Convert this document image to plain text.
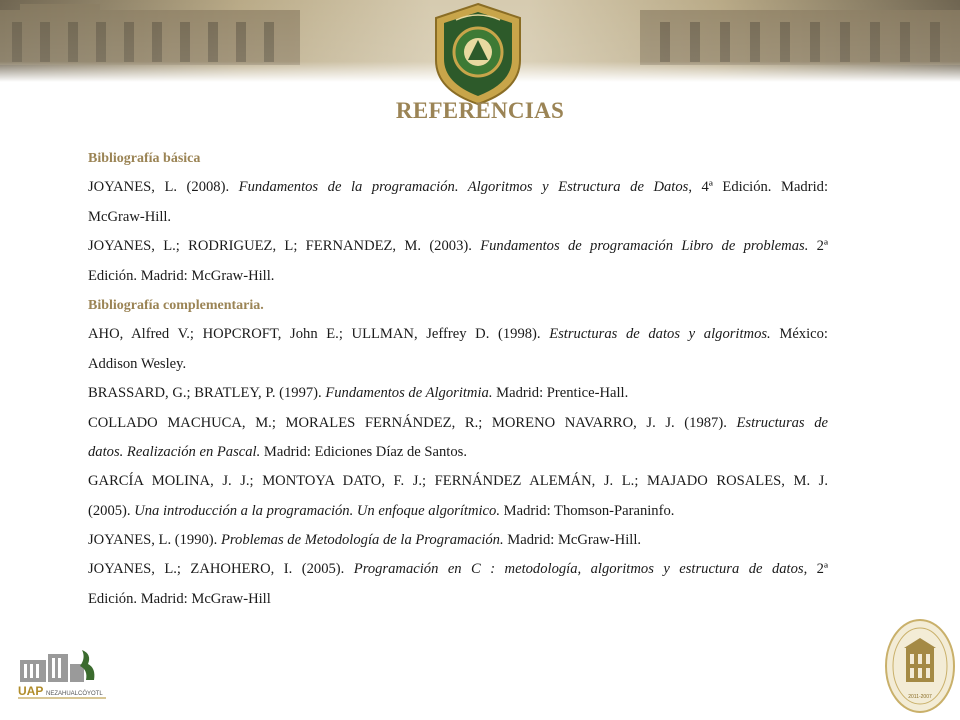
REFERENCIAS
Bibliografía básica
JOYANES, L. (2008). Fundamentos de la programación. Algoritmos y Estructura de Datos, 4ª Edición. Madrid:
McGraw-Hill.
JOYANES, L.; RODRIGUEZ, L; FERNANDEZ, M. (2003). Fundamentos de programación Libro de problemas. 2ª
Edición. Madrid: McGraw-Hill.
Bibliografía complementaria.
AHO, Alfred V.; HOPCROFT, John E.; ULLMAN, Jeffrey D. (1998). Estructuras de datos y algoritmos. México:
Addison Wesley.
BRASSARD, G.; BRATLEY, P. (1997). Fundamentos de Algoritmia. Madrid: Prentice-Hall.
COLLADO MACHUCA, M.; MORALES FERNÁNDEZ, R.; MORENO NAVARRO, J. J. (1987). Estructuras de
datos. Realización en Pascal. Madrid: Ediciones Díaz de Santos.
GARCÍA MOLINA, J. J.; MONTOYA DATO, F. J.; FERNÁNDEZ ALEMÁN, J. L.; MAJADO ROSALES, M. J.
(2005). Una introducción a la programación. Un enfoque algorítmico. Madrid: Thomson-Paraninfo.
JOYANES, L. (1990). Problemas de Metodología de la Programación. Madrid: McGraw-Hill.
JOYANES, L.; ZAHOHERO, I. (2005). Programación en C : metodología, algoritmos y estructura de datos, 2ª
Edición. Madrid: McGraw-Hill
UAP NEZAHUALCÓYOTL	2011-2007
